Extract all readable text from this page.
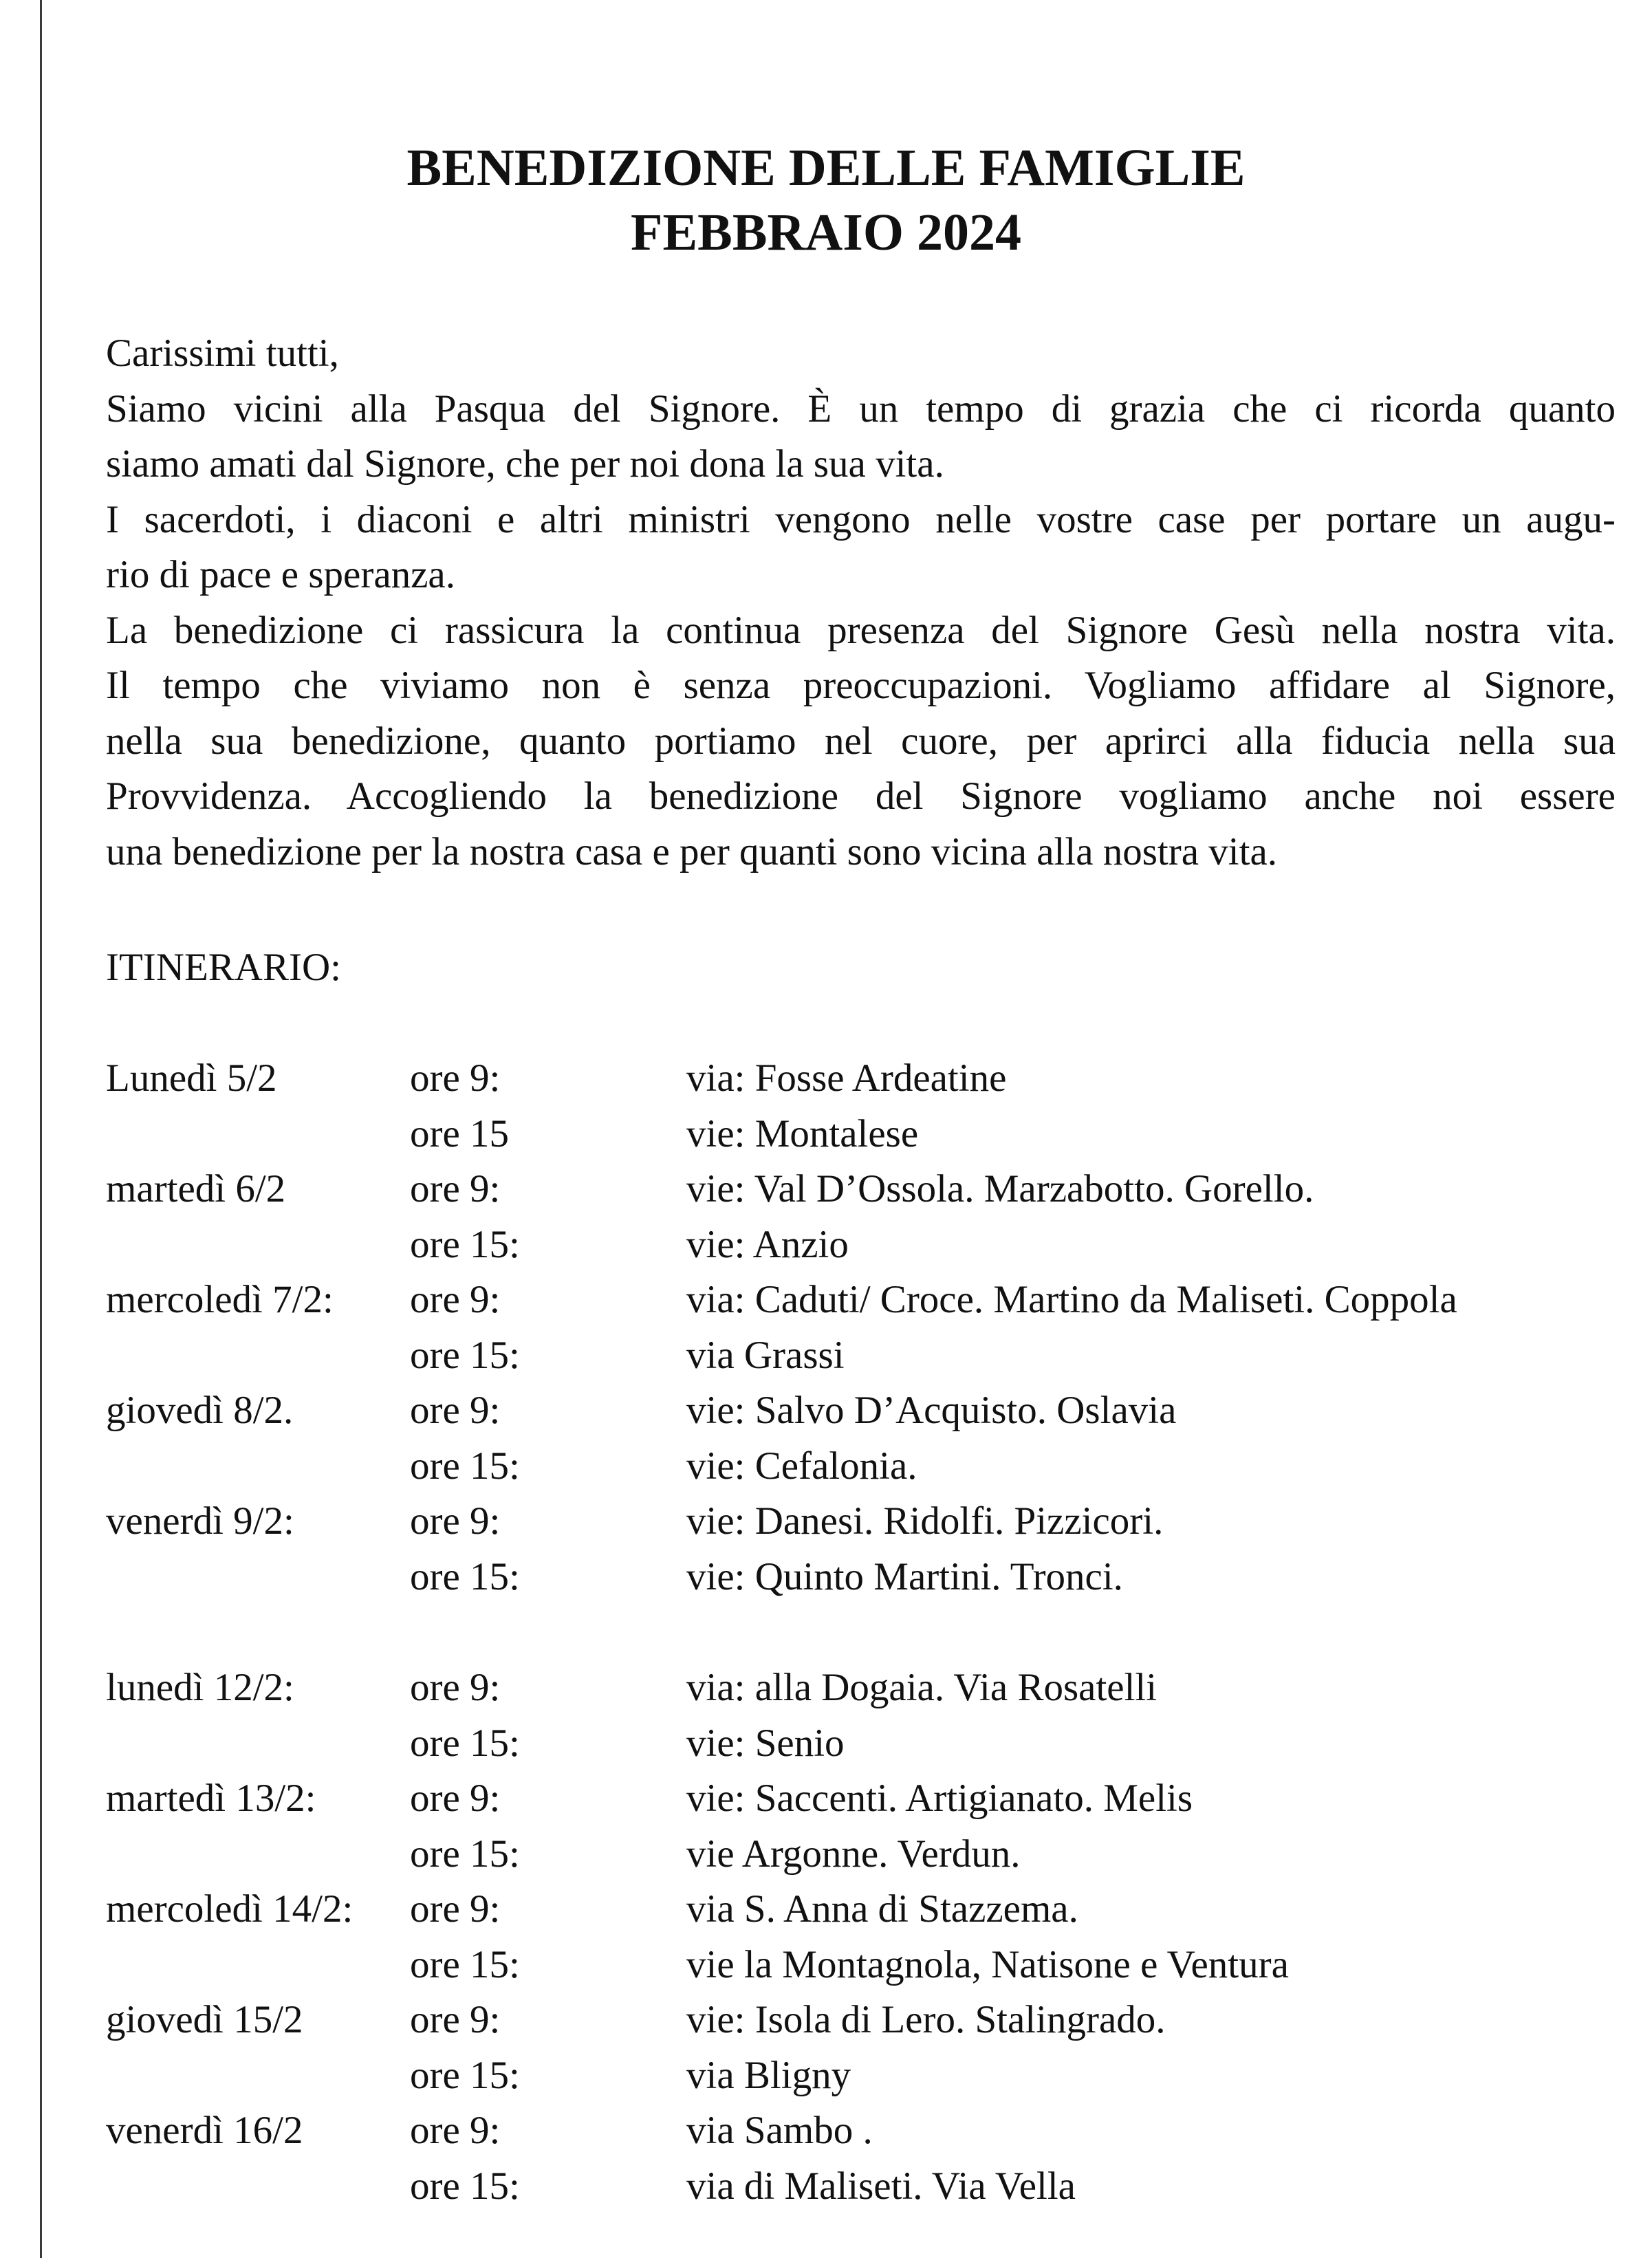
BENEDIZIONE DELLE FAMIGLIE
FEBBRAIO 2024

Carissimi tutti,

Siamo vicini alla Pasqua del Signore. È un tempo di grazia che ci ricorda quanto

siamo amati dal Signore, che per noi dona la sua vita.

I sacerdoti, i diaconi e altri ministri vengono nelle vostre case per portare un augu-

rio di pace e speranza.

La benedizione ci rassicura la continua presenza del Signore Gesù nella nostra vita.

Il tempo che viviamo non è senza preoccupazioni. Vogliamo affidare al Signore,

nella sua benedizione, quanto portiamo nel cuore, per aprirci alla fiducia nella sua

Provvidenza. Accogliendo la benedizione del Signore vogliamo anche noi essere

una benedizione per la nostra casa e per quanti sono vicina alla nostra vita.

ITINERARIO:

Lunedì 5/2	ore 9:	via: Fosse Ardeatine
ore 15	vie: Montalese
martedì 6/2	ore 9:	vie: Val D’Ossola. Marzabotto. Gorello.
ore 15:	vie: Anzio
mercoledì 7/2: ore 9:	via: Caduti/ Croce. Martino da Maliseti. Coppola
ore 15:	via Grassi
giovedì 8/2.	ore 9:	vie: Salvo D’Acquisto. Oslavia
ore 15:	vie: Cefalonia.
venerdì 9/2:	ore 9:	vie: Danesi. Ridolfi. Pizzicori.
ore 15:	vie: Quinto Martini. Tronci.
lunedì 12/2:	ore 9:	via: alla Dogaia. Via Rosatelli
ore 15:	vie: Senio
martedì 13/2: ore 9:	vie: Saccenti. Artigianato. Melis
ore 15:	vie Argonne. Verdun.
mercoledì 14/2: ore 9:	via S. Anna di Stazzema.
ore 15:	vie la Montagnola, Natisone e Ventura
giovedì 15/2	ore 9:	vie: Isola di Lero. Stalingrado.
ore 15:	via Bligny
venerdì 16/2	ore 9:	via Sambo .
ore 15:	via di Maliseti. Via Vella
